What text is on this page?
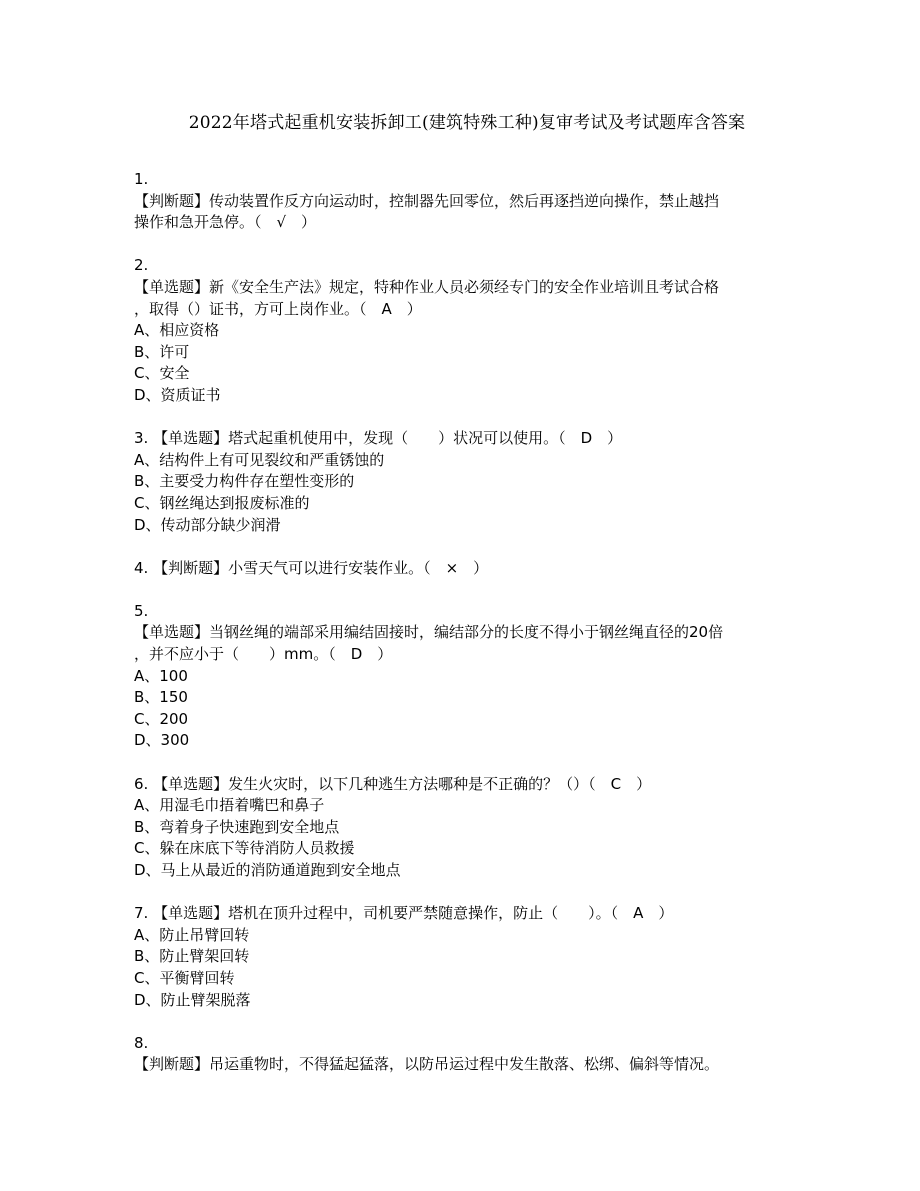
2022年塔式起重机安装拆卸工(建筑特殊工种)复审考试及考试题库含答案
1.
【判断题】传动装置作反方向运动时，控制器先回零位，然后再逐挡逆向操作，禁止越挡
操作和急开急停。（　√　）
2.
【单选题】新《安全生产法》规定，特种作业人员必须经专门的安全作业培训且考试合格
，取得（）证书，方可上岗作业。（　A　）
A、相应资格
B、许可
C、安全
D、资质证书
3. 【单选题】塔式起重机使用中，发现（　　）状况可以使用。（　D　）
A、结构件上有可见裂纹和严重锈蚀的
B、主要受力构件存在塑性变形的
C、钢丝绳达到报废标准的
D、传动部分缺少润滑
4. 【判断题】小雪天气可以进行安装作业。（　×　）
5.
【单选题】当钢丝绳的端部采用编结固接时，编结部分的长度不得小于钢丝绳直径的20倍
，并不应小于（　　）mm。（　D　）
A、100
B、150
C、200
D、300
6. 【单选题】发生火灾时，以下几种逃生方法哪种是不正确的？（）（　C　）
A、用湿毛巾捂着嘴巴和鼻子
B、弯着身子快速跑到安全地点
C、躲在床底下等待消防人员救援
D、马上从最近的消防通道跑到安全地点
7. 【单选题】塔机在顶升过程中，司机要严禁随意操作，防止（　　）。（　A　）
A、防止吊臂回转
B、防止臂架回转
C、平衡臂回转
D、防止臂架脱落
8.
【判断题】吊运重物时，不得猛起猛落，以防吊运过程中发生散落、松绑、偏斜等情况。
